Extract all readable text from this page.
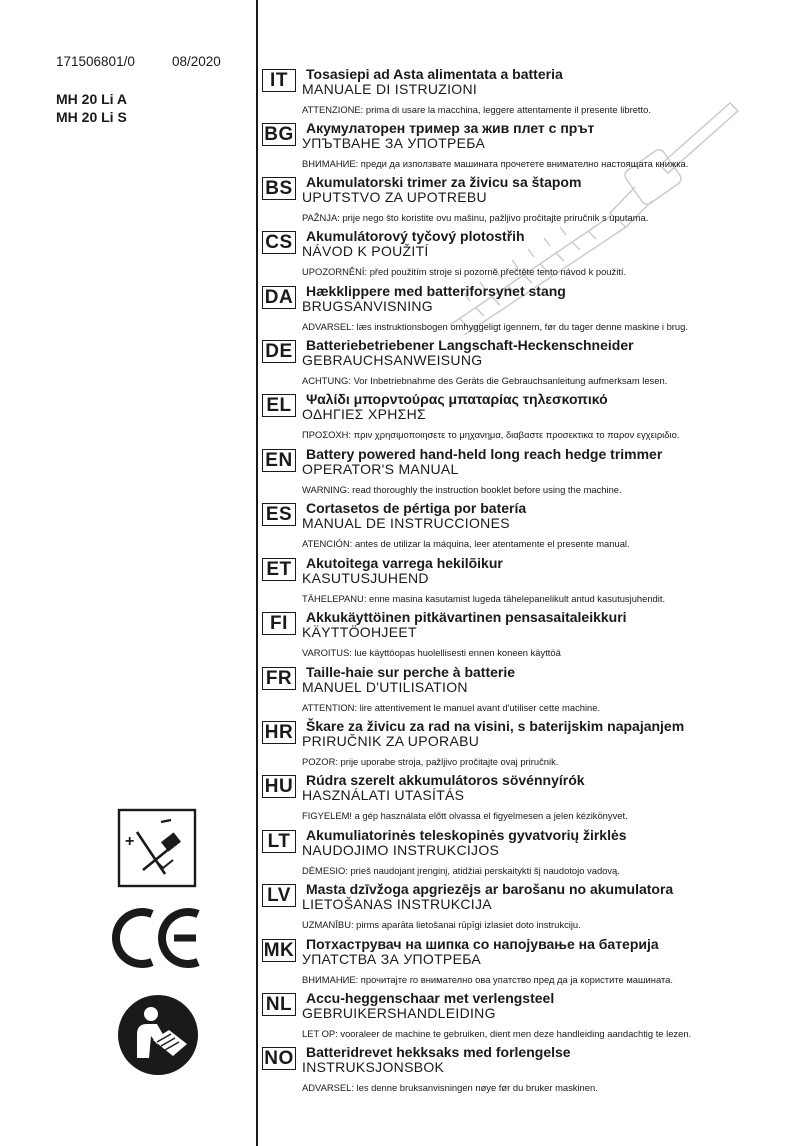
171506801/0	08/2020
MH 20 Li A
MH 20 Li S
+
IT	Tosasiepi ad Asta alimentata a batteria
MANUALE DI ISTRUZIONI
ATTENZIONE: prima di usare la macchina, leggere attentamente il presente libretto.
BG Акумулаторен тример за жив плет с прът
УПЪТВАНЕ ЗА УПОТРЕБА
ВНИМАНИЕ: преди да използвате машината прочетете внимателно настоящата книжка.
BS Akumulatorski trimer za živicu sa štapom
UPUTSTVO ZA UPOTREBU
PAŽNJA: prije nego što koristite ovu mašinu, pažljivo pročitajte priručnik s uputama.
CS Akumulátorový tyčový plotostřih
NÁVOD K POUŽITÍ
UPOZORNĚNÍ: před použitím stroje si pozorně přečtěte tento návod k použití.
DA Hækklippere med batteriforsynet stang
BRUGSANVISNING
ADVARSEL: læs instruktionsbogen omhyggeligt igennem, før du tager denne maskine i brug.
DE Batteriebetriebener Langschaft-Heckenschneider
GEBRAUCHSANWEISUNG
ACHTUNG: Vor Inbetriebnahme des Geräts die Gebrauchsanleitung aufmerksam lesen.
EL	Ψαλίδι μπορντούρας μπαταρίας τηλεσκοπικό
ΟΔΗΓΙΕΣ ΧΡΗΣΗΣ
ΠΡΟΣΟΧΗ: πριν χρησιμοποιησετε το μηχανημα, διαβαστε προσεκτικα το παρον εγχειριδιο.
EN Battery powered hand-held long reach hedge trimmer
OPERATOR'S MANUAL
WARNING: read thoroughly the instruction booklet before using the machine.
ES Cortasetos de pértiga por batería
MANUAL DE INSTRUCCIONES
ATENCIÓN: antes de utilizar la máquina, leer atentamente el presente manual.
ET	Akutoitega varrega hekilõikur
KASUTUSJUHEND
TÄHELEPANU: enne masina kasutamist lugeda tähelepanelikult antud kasutusjuhendit.
FI	Akkukäyttöinen pitkävartinen pensasaitaleikkuri
KÄYTTÖOHJEET
VAROITUS: lue käyttöopas huolellisesti ennen koneen käyttöä
FR Taille-haie sur perche à batterie
MANUEL D'UTILISATION
ATTENTION: lire attentivement le manuel avant d'utiliser cette machine.
HR Škare za živicu za rad na visini, s baterijskim napajanjem
PRIRUČNIK ZA UPORABU
POZOR: prije uporabe stroja, pažljivo pročitajte ovaj priručnik.
HU Rúdra szerelt akkumulátoros sövénnyírók
HASZNÁLATI UTASÍTÁS
FIGYELEM! a gép használata előtt olvassa el figyelmesen a jelen kézikönyvet.
LT	Akumuliatorinės teleskopinės gyvatvorių žirklės
NAUDOJIMO INSTRUKCIJOS
DĖMESIO: prieš naudojant įrenginį, atidžiai perskaitykti šį naudotojo vadovą.
LV	Masta dzīvžoga apgriezējs ar barošanu no akumulatora
LIETOŠANAS INSTRUKCIJA
UZMANĪBU: pirms aparāta lietošanai rūpīgi izlasiet doto instrukciju.
MK Потхаструвач на шипка со напојување на батерија
УПАТСТВА ЗА УПОТРЕБА
ВНИМАНИЕ: прочитајте го внимателно ова упатство пред да ја користите машината.
NL Accu-heggenschaar met verlengsteel
GEBRUIKERSHANDLEIDING
LET OP: vooraleer de machine te gebruiken, dient men deze handleiding aandachtig te lezen.
NO Batteridrevet hekksaks med forlengelse
INSTRUKSJONSBOK
ADVARSEL: les denne bruksanvisningen nøye før du bruker maskinen.
